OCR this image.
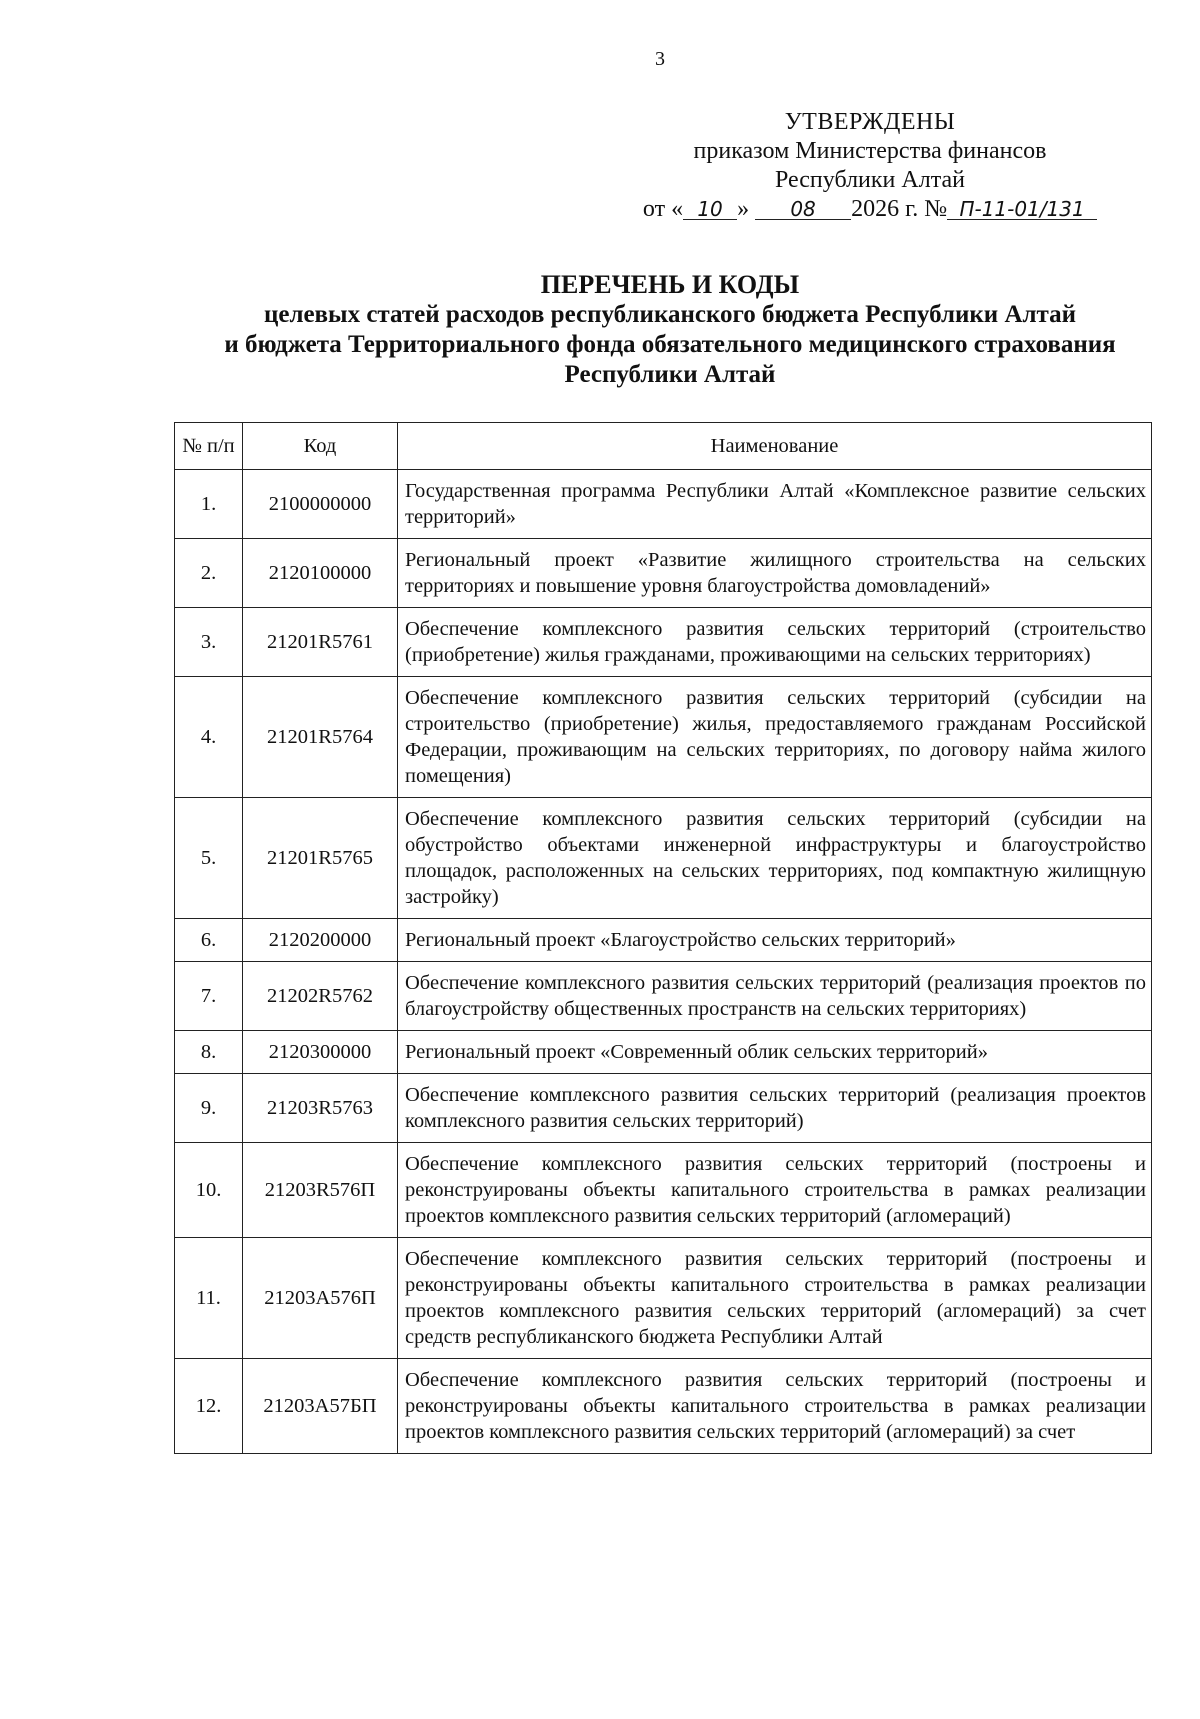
3
УТВЕРЖДЕНЫ
приказом Министерства финансов
Республики Алтай
от « 10 » 08 2026 г. № П-11-01/131
ПЕРЕЧЕНЬ И КОДЫ
целевых статей расходов республиканского бюджета Республики Алтай
и бюджета Территориального фонда обязательного медицинского страхования
Республики Алтай
№ п/п	Код	Наименование
1.	2100000000	Государственная программа Республики Алтай «Комплексное развитие сельских территорий»
2.	2120100000	Региональный проект «Развитие жилищного строительства на сельских территориях и повышение уровня благоустройства домовладений»
3.	21201R5761	Обеспечение комплексного развития сельских территорий (строительство (приобретение) жилья гражданами, проживающими на сельских территориях)
4.	21201R5764	Обеспечение комплексного развития сельских территорий (субсидии на строительство (приобретение) жилья, предоставляемого гражданам Российской Федерации, проживающим на сельских территориях, по договору найма жилого помещения)
5.	21201R5765	Обеспечение комплексного развития сельских территорий (субсидии на обустройство объектами инженерной инфраструктуры и благоустройство площадок, расположенных на сельских территориях, под компактную жилищную застройку)
6.	2120200000	Региональный проект «Благоустройство сельских территорий»
7.	21202R5762	Обеспечение комплексного развития сельских территорий (реализация проектов по благоустройству общественных пространств на сельских территориях)
8.	2120300000	Региональный проект «Современный облик сельских территорий»
9.	21203R5763	Обеспечение комплексного развития сельских территорий (реализация проектов комплексного развития сельских территорий)
10.	21203R576П	Обеспечение комплексного развития сельских территорий (построены и реконструированы объекты капитального строительства в рамках реализации проектов комплексного развития сельских территорий (агломераций)
11.	21203А576П	Обеспечение комплексного развития сельских территорий (построены и реконструированы объекты капитального строительства в рамках реализации проектов комплексного развития сельских территорий (агломераций) за счет средств республиканского бюджета Республики Алтай
12.	21203А57БП	Обеспечение комплексного развития сельских территорий (построены и реконструированы объекты капитального строительства в рамках реализации проектов комплексного развития сельских территорий (агломераций) за счет
